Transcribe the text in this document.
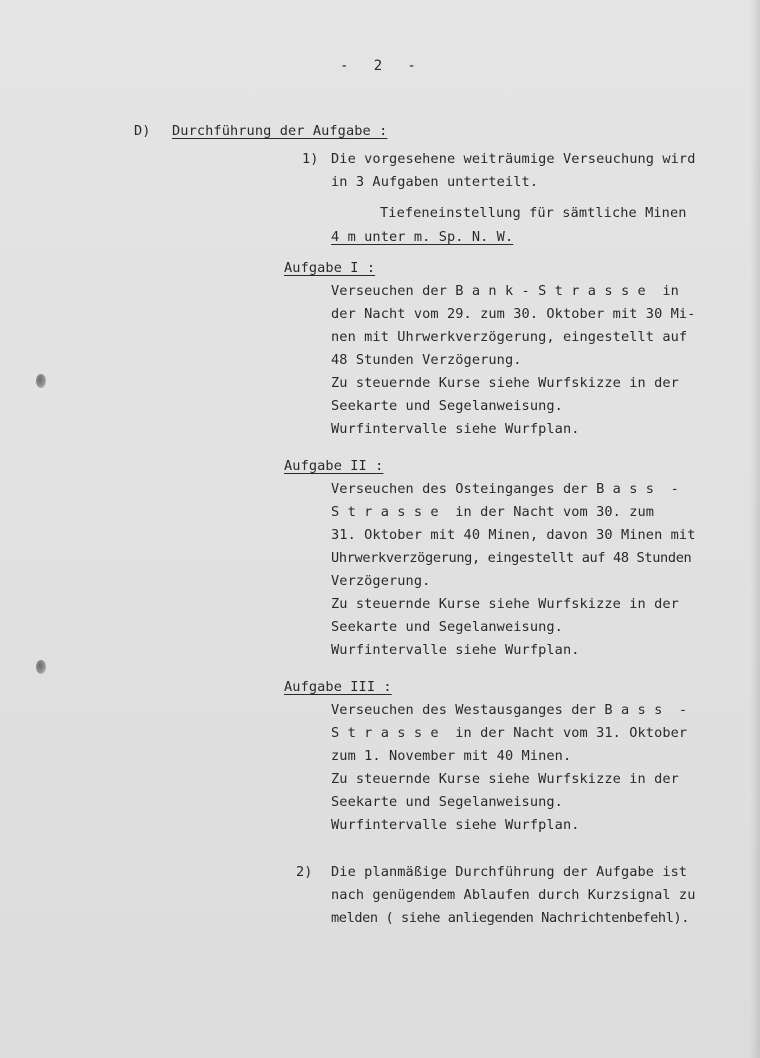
-   2   -
D) Durchführung der Aufgabe :
1) Die vorgesehene weiträumige Verseuchung wird
in 3 Aufgaben unterteilt.
Tiefeneinstellung für sämtliche Minen
4 m unter m. Sp. N. W.
Aufgabe I :
Verseuchen der B a n k - S t r a s s e  in
der Nacht vom 29. zum 30. Oktober mit 30 Mi-
nen mit Uhrwerkverzögerung, eingestellt auf
48 Stunden Verzögerung.
Zu steuernde Kurse siehe Wurfskizze in der
Seekarte und Segelanweisung.
Wurfintervalle siehe Wurfplan.
Aufgabe II :
Verseuchen des Osteinganges der B a s s  -
S t r a s s e  in der Nacht vom 30. zum
31. Oktober mit 40 Minen, davon 30 Minen mit
Uhrwerkverzögerung, eingestellt auf 48 Stunden
Verzögerung.
Zu steuernde Kurse siehe Wurfskizze in der
Seekarte und Segelanweisung.
Wurfintervalle siehe Wurfplan.
Aufgabe III :
Verseuchen des Westausganges der B a s s  -
S t r a s s e  in der Nacht vom 31. Oktober
zum 1. November mit 40 Minen.
Zu steuernde Kurse siehe Wurfskizze in der
Seekarte und Segelanweisung.
Wurfintervalle siehe Wurfplan.
2) Die planmäßige Durchführung der Aufgabe ist
nach genügendem Ablaufen durch Kurzsignal zu
melden ( siehe anliegenden Nachrichtenbefehl).
